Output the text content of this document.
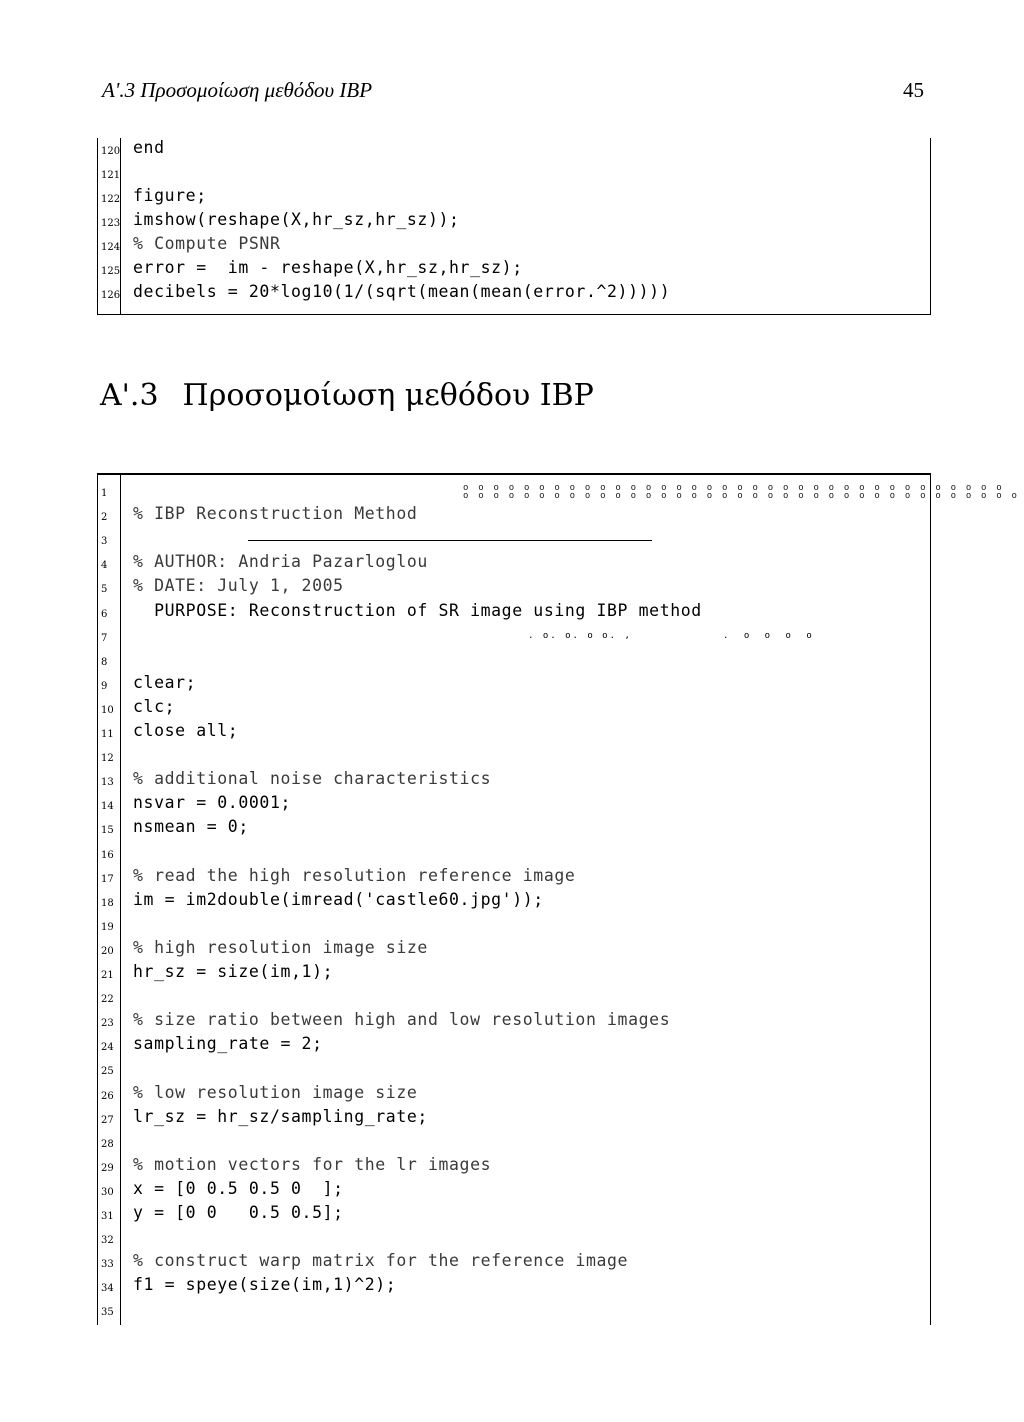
Α'.3 Προσομοίωση μεθόδου IBP	45
120 end
121
122 figure;
123 imshow(reshape(X,hr_sz,hr_sz));
124 % Compute PSNR
125 error =  im - reshape(X,hr_sz,hr_sz);
126 decibels = 20*log10(1/(sqrt(mean(mean(error.^2)))))
Α'.3 Προσομοίωση μεθόδου IBP
1	o o o o o o o o o o o o o o o o o o o o o o o o o o o o o o o o o o o o
o o o o o o o o o o o o o o o o o o o o o o o o o o o o o o o o o o o o o
2	% IBP Reconstruction Method
3
4	% AUTHOR: Andria Pazarloglou
5	% DATE: July 1, 2005
6	PURPOSE: Reconstruction of SR image using IBP method
7	. o. o. o o. ,	. o o o o
8
9	clear;
10	clc;
11	close all;
12
13	% additional noise characteristics
14	nsvar = 0.0001;
15	nsmean = 0;
16
17	% read the high resolution reference image
18	im = im2double(imread('castle60.jpg'));
19
20	% high resolution image size
21	hr_sz = size(im,1);
22
23	% size ratio between high and low resolution images
24	sampling_rate = 2;
25
26	% low resolution image size
27	lr_sz = hr_sz/sampling_rate;
28
29	% motion vectors for the lr images
30	x = [0 0.5 0.5 0  ];
31	y = [0 0   0.5 0.5];
32
33	% construct warp matrix for the reference image
34	f1 = speye(size(im,1)^2);
35
